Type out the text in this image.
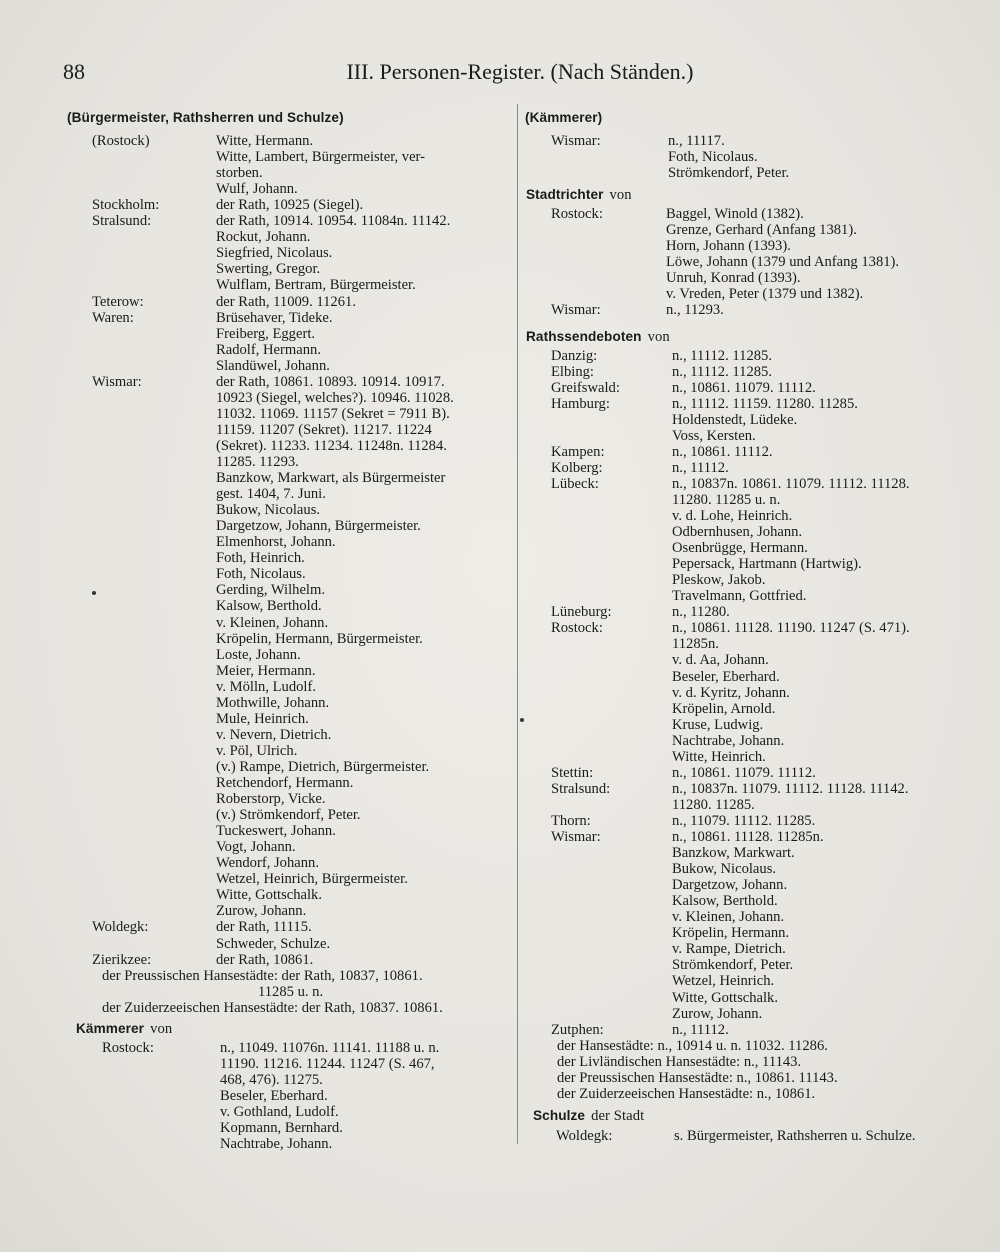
88	III. Personen-Register. (Nach Ständen.)
(Bürgermeister, Rathsherren und Schulze)
(Rostock)	Witte, Hermann.
Witte, Lambert, Bürgermeister, ver-
storben.
Wulf, Johann.
Stockholm:	der Rath, 10925 (Siegel).
Stralsund:	der Rath, 10914. 10954. 11084n. 11142.
Rockut, Johann.
Siegfried, Nicolaus.
Swerting, Gregor.
Wulflam, Bertram, Bürgermeister.
Teterow:	der Rath, 11009. 11261.
Waren:	Brüsehaver, Tideke.
Freiberg, Eggert.
Radolf, Hermann.
Slandüwel, Johann.
Wismar:	der Rath, 10861. 10893. 10914. 10917.
10923 (Siegel, welches?). 10946. 11028.
11032. 11069. 11157 (Sekret = 7911 B).
11159. 11207 (Sekret). 11217. 11224
(Sekret). 11233. 11234. 11248n. 11284.
11285. 11293.
Banzkow, Markwart, als Bürgermeister
gest. 1404, 7. Juni.
Bukow, Nicolaus.
Dargetzow, Johann, Bürgermeister.
Elmenhorst, Johann.
Foth, Heinrich.
Foth, Nicolaus.
Gerding, Wilhelm.
Kalsow, Berthold.
v. Kleinen, Johann.
Kröpelin, Hermann, Bürgermeister.
Loste, Johann.
Meier, Hermann.
v. Mölln, Ludolf.
Mothwille, Johann.
Mule, Heinrich.
v. Nevern, Dietrich.
v. Pöl, Ulrich.
(v.) Rampe, Dietrich, Bürgermeister.
Retchendorf, Hermann.
Roberstorp, Vicke.
(v.) Strömkendorf, Peter.
Tuckeswert, Johann.
Vogt, Johann.
Wendorf, Johann.
Wetzel, Heinrich, Bürgermeister.
Witte, Gottschalk.
Zurow, Johann.
Woldegk:	der Rath, 11115.
Schweder, Schulze.
Zierikzee:	der Rath, 10861.
der Preussischen Hansestädte: der Rath, 10837, 10861.
11285 u. n.
der Zuiderzeeischen Hansestädte: der Rath, 10837. 10861.
Kämmerer von
Rostock:	n., 11049. 11076n. 11141. 11188 u. n.
11190. 11216. 11244. 11247 (S. 467,
468, 476). 11275.
Beseler, Eberhard.
v. Gothland, Ludolf.
Kopmann, Bernhard.
Nachtrabe, Johann.
(Kämmerer)
Wismar:	n., 11117.
Foth, Nicolaus.
Strömkendorf, Peter.
Stadtrichter von
Rostock:	Baggel, Winold (1382).
Grenze, Gerhard (Anfang 1381).
Horn, Johann (1393).
Löwe, Johann (1379 und Anfang 1381).
Unruh, Konrad (1393).
v. Vreden, Peter (1379 und 1382).
Wismar:	n., 11293.
Rathssendeboten von
Danzig:	n., 11112. 11285.
Elbing:	n., 11112. 11285.
Greifswald:	n., 10861. 11079. 11112.
Hamburg:	n., 11112. 11159. 11280. 11285.
Holdenstedt, Lüdeke.
Voss, Kersten.
Kampen:	n., 10861. 11112.
Kolberg:	n., 11112.
Lübeck:	n., 10837n. 10861. 11079. 11112. 11128.
11280. 11285 u. n.
v. d. Lohe, Heinrich.
Odbernhusen, Johann.
Osenbrügge, Hermann.
Pepersack, Hartmann (Hartwig).
Pleskow, Jakob.
Travelmann, Gottfried.
Lüneburg:	n., 11280.
Rostock:	n., 10861. 11128. 11190. 11247 (S. 471).
11285n.
v. d. Aa, Johann.
Beseler, Eberhard.
v. d. Kyritz, Johann.
Kröpelin, Arnold.
Kruse, Ludwig.
Nachtrabe, Johann.
Witte, Heinrich.
Stettin:	n., 10861. 11079. 11112.
Stralsund:	n., 10837n. 11079. 11112. 11128. 11142.
11280. 11285.
Thorn:	n., 11079. 11112. 11285.
Wismar:	n., 10861. 11128. 11285n.
Banzkow, Markwart.
Bukow, Nicolaus.
Dargetzow, Johann.
Kalsow, Berthold.
v. Kleinen, Johann.
Kröpelin, Hermann.
v. Rampe, Dietrich.
Strömkendorf, Peter.
Wetzel, Heinrich.
Witte, Gottschalk.
Zurow, Johann.
Zutphen:	n., 11112.
der Hansestädte: n., 10914 u. n. 11032. 11286.
der Livländischen Hansestädte: n., 11143.
der Preussischen Hansestädte: n., 10861. 11143.
der Zuiderzeeischen Hansestädte: n., 10861.
Schulze der Stadt
Woldegk:	s. Bürgermeister, Rathsherren u. Schulze.
